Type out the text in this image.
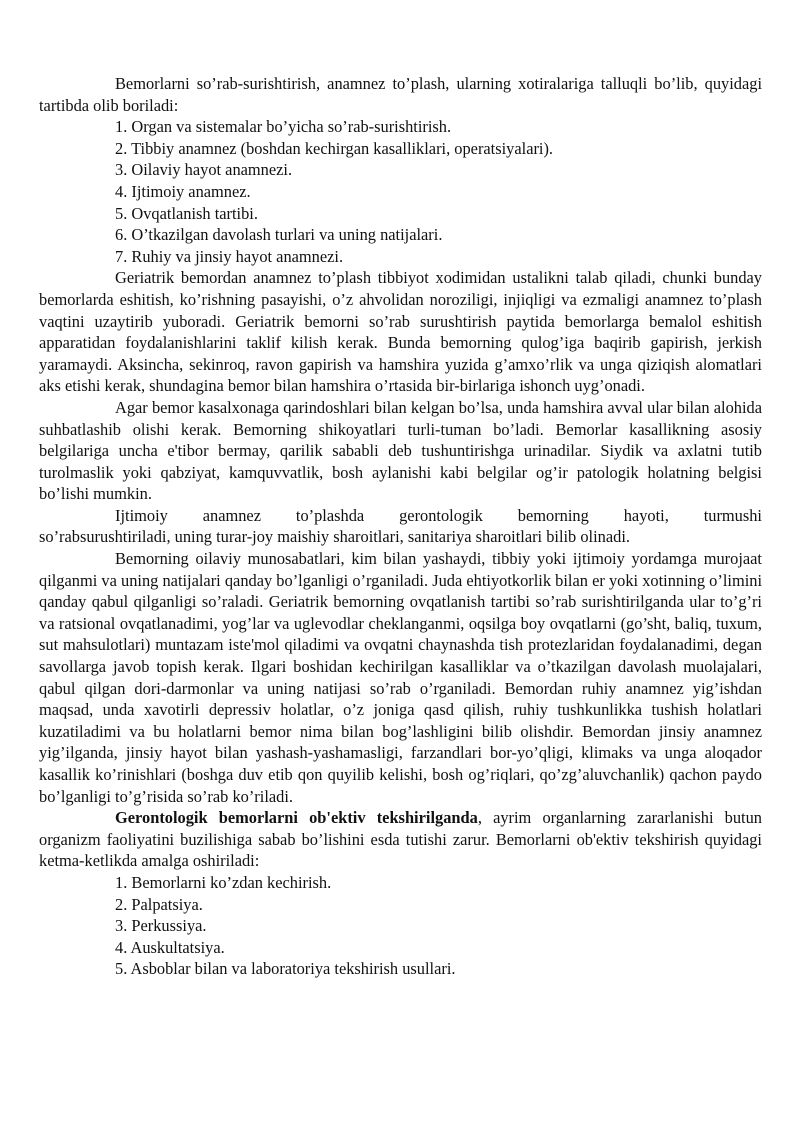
Bemorlarni so’rab-surishtirish, anamnez to’plash, ularning xotiralariga talluqli bo’lib, quyidagi tartibda olib boriladi:

1. Organ va sistemalar bo’yicha so’rab-surishtirish.
2. Tibbiy anamnez (boshdan kechirgan kasalliklari, operatsiyalari).
3. Oilaviy hayot anamnezi.
4. Ijtimoiy anamnez.
5. Ovqatlanish tartibi.
6. O’tkazilgan davolash turlari va uning natijalari.
7. Ruhiy va jinsiy hayot anamnezi.

Geriatrik bemordan anamnez to’plash tibbiyot xodimidan ustalikni talab qiladi, chunki bunday bemorlarda eshitish, ko’rishning pasayishi, o’z ahvolidan noroziligi, injiqligi va ezmaligi anamnez to’plash vaqtini uzaytirib yuboradi. Geriatrik bemorni so’rab surushtirish paytida bemorlarga bemalol eshitish apparatidan foydalanishlarini taklif kilish kerak. Bunda bemorning qulog’iga baqirib gapirish, jerkish yaramaydi. Aksincha, sekinroq, ravon gapirish va hamshira yuzida g’amxo’rlik va unga qiziqish alomatlari aks etishi kerak, shundagina bemor bilan hamshira o’rtasida bir-birlariga ishonch uyg’onadi.

Agar bemor kasalxonaga qarindoshlari bilan kelgan bo’lsa, unda hamshira avval ular bilan alohida suhbatlashib olishi kerak. Bemorning shikoyatlari turli-tuman bo’ladi. Bemorlar kasallikning asosiy belgilariga uncha e'tibor bermay, qarilik sababli deb tushuntirishga urinadilar. Siydik va axlatni tutib turolmaslik yoki qabziyat, kamquvvatlik, bosh aylanishi kabi belgilar og’ir patologik holatning belgisi bo’lishi mumkin.

Ijtimoiy anamnez to’plashda gerontologik bemorning hayoti, turmushi

so’rabsurushtiriladi, uning turar-joy maishiy sharoitlari, sanitariya sharoitlari bilib olinadi.

Bemorning oilaviy munosabatlari, kim bilan yashaydi, tibbiy yoki ijtimoiy yordamga murojaat qilganmi va uning natijalari qanday bo’lganligi o’rganiladi. Juda ehtiyotkorlik bilan er yoki xotinning o’limini qanday qabul qilganligi so’raladi. Geriatrik bemorning ovqatlanish tartibi so’rab surishtirilganda ular to’g’ri va ratsional ovqatlanadimi, yog’lar va uglevodlar cheklanganmi, oqsilga boy ovqatlarni (go’sht, baliq, tuxum, sut mahsulotlari) muntazam iste'mol qiladimi va ovqatni chaynashda tish protezlaridan foydalanadimi, degan savollarga javob topish kerak. Ilgari boshidan kechirilgan kasalliklar va o’tkazilgan davolash muolajalari, qabul qilgan dori-darmonlar va uning natijasi so’rab o’rganiladi. Bemordan ruhiy anamnez yig’ishdan maqsad, unda xavotirli depressiv holatlar, o’z joniga qasd qilish, ruhiy tushkunlikka tushish holatlari kuzatiladimi va bu holatlarni bemor nima bilan bog’lashligini bilib olishdir. Bemordan jinsiy anamnez yig’ilganda, jinsiy hayot bilan yashash-yashamasligi, farzandlari bor-yo’qligi, klimaks va unga aloqador kasallik ko’rinishlari (boshga duv etib qon quyilib kelishi, bosh og’riqlari, qo’zg’aluvchanlik) qachon paydo bo’lganligi to’g’risida so’rab ko’riladi.

Gerontologik bemorlarni ob'ektiv tekshirilganda, ayrim organlarning zararlanishi butun organizm faoliyatini buzilishiga sabab bo’lishini esda tutishi zarur. Bemorlarni ob'ektiv tekshirish quyidagi ketma-ketlikda amalga oshiriladi:

1. Bemorlarni ko’zdan kechirish.
2. Palpatsiya.
3. Perkussiya.
4. Auskultatsiya.
5. Asboblar bilan va laboratoriya tekshirish usullari.
